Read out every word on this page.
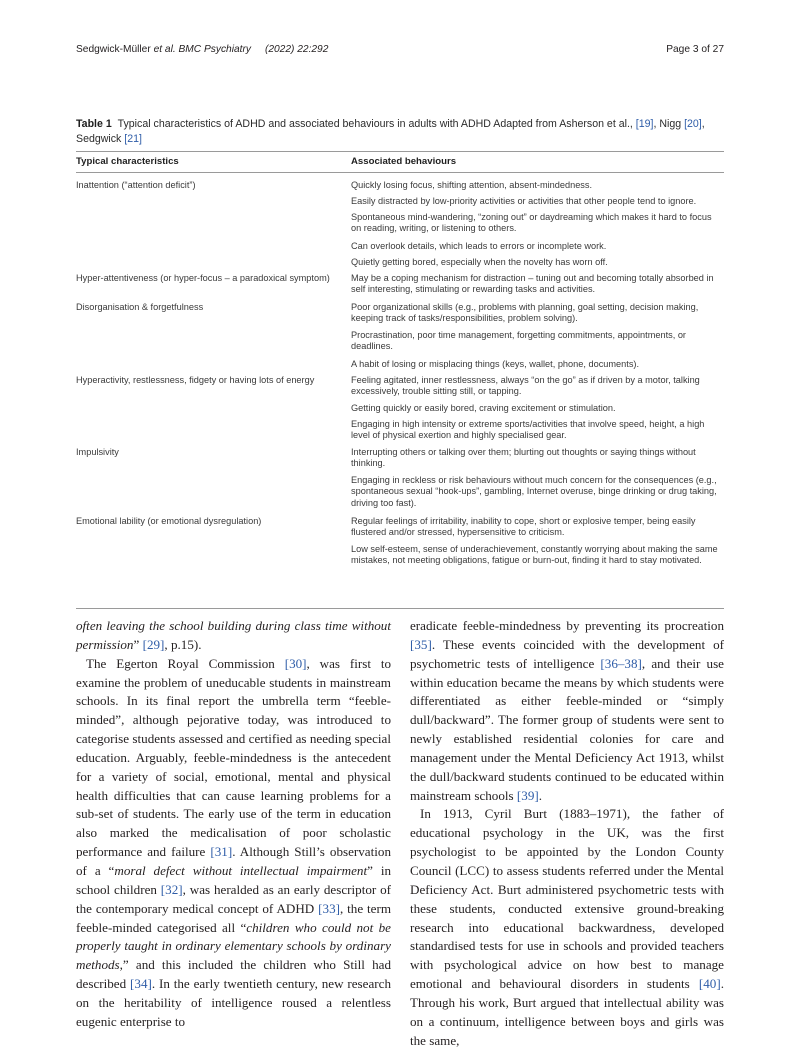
Sedgwick-Müller et al. BMC Psychiatry (2022) 22:292	Page 3 of 27
Table 1 Typical characteristics of ADHD and associated behaviours in adults with ADHD Adapted from Asherson et al., [19], Nigg [20], Sedgwick [21]
Typical characteristics	Associated behaviours
Inattention (“attention deficit”)	Quickly losing focus, shifting attention, absent-mindedness.
Easily distracted by low-priority activities or activities that other people tend to ignore.
Spontaneous mind-wandering, “zoning out” or daydreaming which makes it hard to focus on reading, writing, or listening to others.
Can overlook details, which leads to errors or incomplete work.
Quietly getting bored, especially when the novelty has worn off.
Hyper-attentiveness (or hyper-focus – a paradoxical symptom)	May be a coping mechanism for distraction – tuning out and becoming totally absorbed in self interesting, stimulating or rewarding tasks and activities.
Disorganisation & forgetfulness	Poor organizational skills (e.g., problems with planning, goal setting, decision making, keeping track of tasks/responsibilities, problem solving).
Procrastination, poor time management, forgetting commitments, appointments, or deadlines.
A habit of losing or misplacing things (keys, wallet, phone, documents).
Hyperactivity, restlessness, fidgety or having lots of energy	Feeling agitated, inner restlessness, always “on the go” as if driven by a motor, talking excessively, trouble sitting still, or tapping.
Getting quickly or easily bored, craving excitement or stimulation.
Engaging in high intensity or extreme sports/activities that involve speed, height, a high level of physical exertion and highly specialised gear.
Impulsivity	Interrupting others or talking over them; blurting out thoughts or saying things without thinking.
Engaging in reckless or risk behaviours without much concern for the consequences (e.g., spontaneous sexual “hook-ups”, gambling, Internet overuse, binge drinking or drug taking, driving too fast).
Emotional lability (or emotional dysregulation)	Regular feelings of irritability, inability to cope, short or explosive temper, being easily flustered and/or stressed, hypersensitive to criticism.
Low self-esteem, sense of underachievement, constantly worrying about making the same mistakes, not meeting obligations, fatigue or burn-out, finding it hard to stay motivated.

often leaving the school building during class time without permission” [29], p.15).

The Egerton Royal Commission [30], was first to examine the problem of uneducable students in mainstream schools. In its final report the umbrella term “feeble-minded”, although pejorative today, was introduced to categorise students assessed and certified as needing special education. Arguably, feeble-mindedness is the antecedent for a variety of social, emotional, mental and physical health difficulties that can cause learning problems for a sub-set of students. The early use of the term in education also marked the medicalisation of poor scholastic performance and failure [31]. Although Still’s observation of a “moral defect without intellectual impairment” in school children [32], was heralded as an early descriptor of the contemporary medical concept of ADHD [33], the term feeble-minded categorised all “children who could not be properly taught in ordinary elementary schools by ordinary methods,” and this included the children who Still had described [34]. In the early twentieth century, new research on the heritability of intelligence roused a relentless eugenic enterprise to

eradicate feeble-mindedness by preventing its procreation [35]. These events coincided with the development of psychometric tests of intelligence [36–38], and their use within education became the means by which students were differentiated as either feeble-minded or “simply dull/backward”. The former group of students were sent to newly established residential colonies for care and management under the Mental Deficiency Act 1913, whilst the dull/backward students continued to be educated within mainstream schools [39].

In 1913, Cyril Burt (1883–1971), the father of educational psychology in the UK, was the first psychologist to be appointed by the London County Council (LCC) to assess students referred under the Mental Deficiency Act. Burt administered psychometric tests with these students, conducted extensive ground-breaking research into educational backwardness, developed standardised tests for use in schools and provided teachers with psychological advice on how best to manage emotional and behavioural disorders in students [40]. Through his work, Burt argued that intellectual ability was on a continuum, intelligence between boys and girls was the same,
